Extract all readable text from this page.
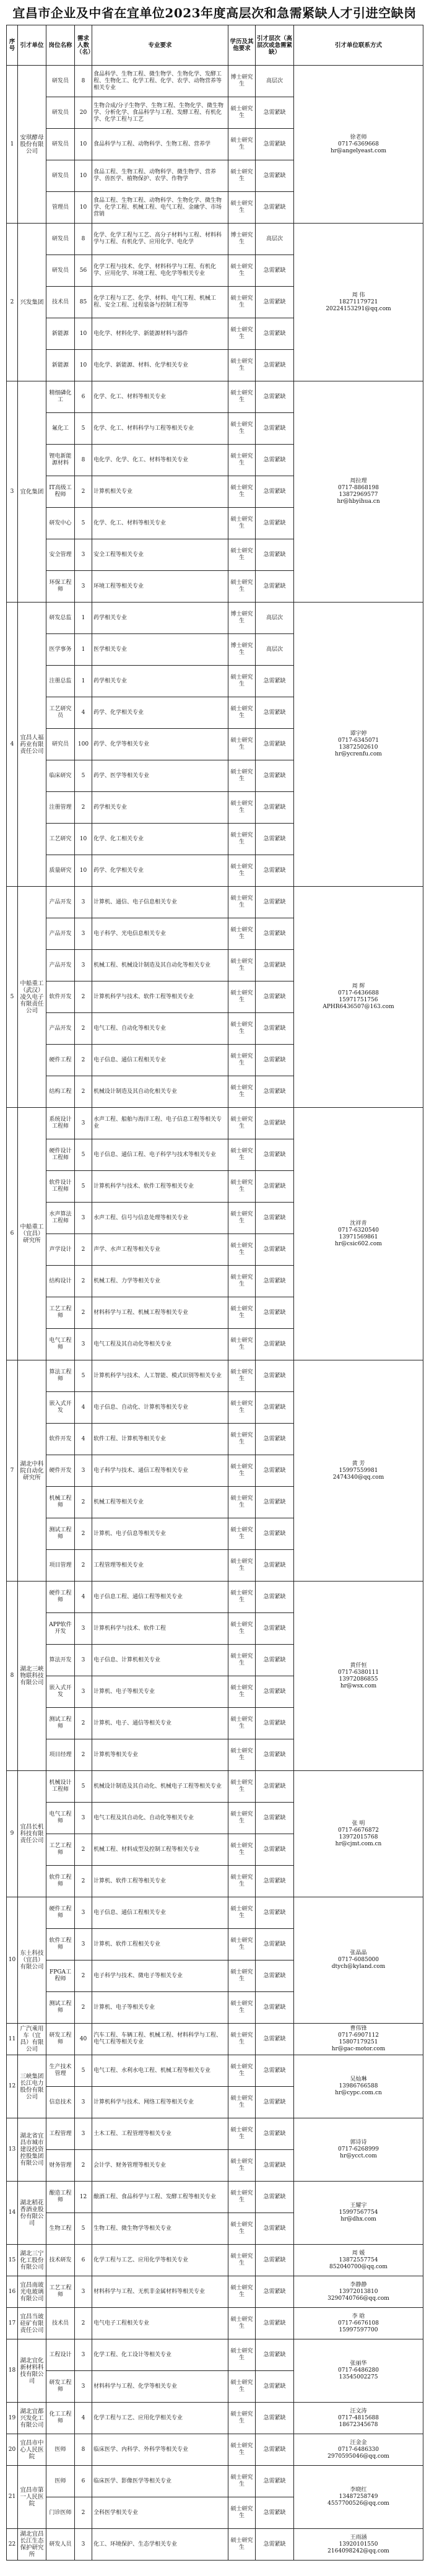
宜昌市企业及中省在宜单位2023年度高层次和急需紧缺人才引进空缺岗
序号	引才单位	岗位名称	需求人数（名）	专业要求	学历及其他要求	引才层次（高层次或急需紧缺）	引才单位联系方式
1	安琪酵母股份有限公司	研发员	8	食品科学、生物工程、微生物学、生物化学、发酵工程、生物化工、化学工程、化学、农学、动物营养等相关专业	博士研究生	高层次	徐老师
0717-6369668
hr@angelyeast.com
		研发员	20	生物合成/分子生物学、生物工程、生物化学、微生物学、分析化学、食品科学与工程、发酵工程、有机化学、化学工程与工艺	硕士研究生	急需紧缺	
		研发员	10	食品科学与工程、动物科学、生物工程、营养学	硕士研究生	急需紧缺	
		研发员	10	食品工程、生物工程、动物科学、微生物学、营养学、兽医学、植物保护、农学、作物学	硕士研究生	急需紧缺	
		管理员	10	食品工程、生物工程、动物科学、生物化学、微生物学、化学工程、机械工程、电气工程、金融学、市场营销	硕士研究生	急需紧缺	
2	兴发集团	研发员	8	化学、化学工程与工艺、高分子材料与工程、材料科学与工程、有机化学、应用化学、电化学	博士研究生	高层次	周 伟
18271179721
20224153291@qq.com
		研发员	56	化学工程与技术、化学、材料科学与工程、有机化学、应用化学、环境工程、电化学等相关专业	硕士研究生	急需紧缺	
		技术员	85	化学工程与工艺、化学、材料、电气工程、机械工程、安全工程、过程装备与控制工程等	硕士研究生	急需紧缺	
		新能源	10	电化学、材料化学、新能源材料与器件	硕士研究生	急需紧缺	
		新能源	10	电化学、新能源、材料、化学相关专业	硕士研究生	急需紧缺	
3	宜化集团	精细磷化工	6	化学、化工、材料等相关专业	硕士研究生	急需紧缺	周拉理
0717-8868198
13872969577
hr@hbyihua.cn
		氟化工	5	化学、化工、材料科学与工程等相关专业	硕士研究生	急需紧缺	
		锂电新能源材料	8	电化学、化学、化工、材料等相关专业	硕士研究生	急需紧缺	
		IT高级工程师	2	计算机相关专业	硕士研究生	急需紧缺	
		研发中心	5	化学、化工、材料等相关专业	硕士研究生	急需紧缺	
		安全管理	3	安全工程等相关专业	硕士研究生	急需紧缺	
		环保工程师	3	环境工程等相关专业	硕士研究生	急需紧缺	
4	宜昌人福药业有限责任公司	研发总监	1	药学相关专业	博士研究生	高层次	谭宇婷
0717-6345071
13872502610
hr@ycrenfu.com
		医学事务	1	医学相关专业	博士研究生	高层次	
		注册总监	1	药学相关专业	硕士研究生	急需紧缺	
		工艺研究员	4	药学、化学相关专业	硕士研究生	急需紧缺	
		研究员	100	药学、化学等相关专业	硕士研究生	急需紧缺	
		临床研究	5	药学、医学等相关专业	硕士研究生	急需紧缺	
		注册管理	2	药学相关专业	硕士研究生	急需紧缺	
		工艺研究	10	化学、化工相关专业	硕士研究生	急需紧缺	
		质量研究	10	药学、化学相关专业	硕士研究生	急需紧缺	
5	中船重工（武汉）凌久电子有限责任公司	产品开发	3	计算机、通信、电子信息相关专业	硕士研究生	急需紧缺	周 辉
0717-6436688
15971751756
APHR6436507@163.com
		产品开发	3	电子科学、光电信息相关专业	硕士研究生	急需紧缺	
		产品开发	3	机械工程、机械设计制造及其自动化等相关专业	硕士研究生	急需紧缺	
		软件开发	2	计算机科学与技术、软件工程等相关专业	硕士研究生	急需紧缺	
		产品开发	2	电气工程、自动化等相关专业	硕士研究生	急需紧缺	
		硬件工程	2	电子信息、通信工程相关专业	硕士研究生	急需紧缺	
		结构工程	2	机械设计制造及其自动化相关专业	硕士研究生	急需紧缺	
6	中船重工（宜昌）研究所	系统设计工程师	3	水声工程、船舶与海洋工程、电子信息工程等相关专业	硕士研究生	急需紧缺	沈祥青
0717-6320540
13971569861
hr@csic602.com
		硬件设计工程师	5	电子信息、通信工程、电子科学与技术等相关专业	硕士研究生	急需紧缺	
		软件设计工程师	5	计算机科学与技术、软件工程等相关专业	硕士研究生	急需紧缺	
		水声算法工程师	3	水声工程、信号与信息处理等相关专业	硕士研究生	急需紧缺	
		声学设计	2	声学、水声工程等相关专业	硕士研究生	急需紧缺	
		结构设计	2	机械工程、力学等相关专业	硕士研究生	急需紧缺	
		工艺工程师	2	材料科学与工程、机械工程等相关专业	硕士研究生	急需紧缺	
		电气工程师	3	电气工程及其自动化等相关专业	硕士研究生	急需紧缺	
7	湖北中科院自动化研究所	算法工程师	5	计算机科学与技术、人工智能、模式识别等相关专业	硕士研究生	急需紧缺	黄 芳
15997559981
2474340@qq.com
		嵌入式开发	4	电子信息、自动化、计算机等相关专业	硕士研究生	急需紧缺	
		软件开发	4	软件工程、计算机等相关专业	硕士研究生	急需紧缺	
		硬件开发	3	电子科学与技术、通信工程等相关专业	硕士研究生	急需紧缺	
		机械工程师	2	机械工程等相关专业	硕士研究生	急需紧缺	
		测试工程师	2	计算机、电子信息等相关专业	硕士研究生	急需紧缺	
		项目管理	2	工程管理等相关专业	硕士研究生	急需紧缺	
8	湖北三峡物联科技有限公司	硬件工程师	4	电子信息工程、通信工程等相关专业	硕士研究生	急需紧缺	黄仟恒
0717-6380111
13972086855
hr@wsx.com
		APP软件开发	3	计算机科学与技术、软件工程	硕士研究生	急需紧缺	
		算法开发	3	电子信息、计算机相关专业	硕士研究生	急需紧缺	
		嵌入式开发	3	计算机、电子等相关专业	硕士研究生	急需紧缺	
		测试工程师	2	计算机、电子、通信等相关专业	硕士研究生	急需紧缺	
		项目经理	2	计算机等相关专业	硕士研究生	急需紧缺	
9	宜昌长机科技有限责任公司	机械设计工程师	5	机械设计制造及其自动化、机械电子工程等相关专业	硕士研究生	急需紧缺	张 明
0717-6676872
13972015768
hr@cjmt.com.cn
		电气工程师	3	电气工程及其自动化、自动化等相关专业	硕士研究生	急需紧缺	
		工艺工程师	2	机械工程、材料成型及控制工程等相关专业	硕士研究生	急需紧缺	
		软件工程师	2	计算机、软件工程等相关专业	硕士研究生	急需紧缺	
10	东土科技（宜昌）有限公司	硬件工程师	3	电子信息、通信工程相关专业	硕士研究生	急需紧缺	张晶晶
0717-6085000
dtych@kyland.com
		软件工程师	3	计算机、软件工程相关专业	硕士研究生	急需紧缺	
		FPGA工程师	2	电子科学与技术、微电子等相关专业	硕士研究生	急需紧缺	
		测试工程师	2	计算机、电子等相关专业	硕士研究生	急需紧缺	
11	广汽乘用车（宜昌）有限公司	研发工程师	40	汽车工程、车辆工程、机械工程、材料科学与工程、电气工程等相关专业	硕士研究生	急需紧缺	曹伟锋
0717-6907112
15807179251
hr@gac-motor.com
12	三峡集团长江电力股份有限公司	生产技术管理	5	电气工程、水利水电工程、机械工程等相关专业	硕士研究生	急需紧缺	吴灿琳
13986766588
hr@cypc.com.cn
		信息技术	3	计算机科学与技术、网络工程等相关专业	硕士研究生	急需紧缺	
13	湖北省宜昌市城市建设投资控股集团有限公司	工程管理	3	土木工程、工程管理等相关专业	硕士研究生	急需紧缺	郭诗诗
0717-6268999
hr@ycct.com
		财务管理	2	会计学、财务管理等相关专业	硕士研究生	急需紧缺	
14	湖北稻花香酒业股份有限公司	酿造工程师	12	酿酒工程、食品科学与工程、发酵工程等相关专业	硕士研究生	急需紧缺	王耀宇
15997567754
hr@dhx.com
		生物工程	5	生物工程、微生物学等相关专业	硕士研究生	急需紧缺	
15	湖北三宁化工股份有限公司	技术研发	6	化学工程与工艺、应用化学等相关专业	硕士研究生	急需紧缺	周 媛
13872557754
852040700@qq.com
16	宜昌南玻光电玻璃有限公司	工艺工程师	3	材料科学与工程、无机非金属材料等相关专业	硕士研究生	急需紧缺	李静静
13972013810
3290740766@qq.com
17	宜昌当玻硅矿有限责任公司	技术员	2	电气电子工程相关专业	硕士研究生	急需紧缺	李 晗
0717-6676108
15997597700
18	湖北宜化新材料科技有限公司	工程设计	3	化学工程、化工设计等相关专业	硕士研究生	急需紧缺	张丽华
0717-6486280
13545002275
		研发工程师	3	材料科学与工程、化学等相关专业	硕士研究生	急需紧缺	
19	湖北宜都兴发化工有限公司	化工工程师	4	化学工程与工艺、应用化学相关专业	硕士研究生	急需紧缺	汪文涛
0717-4815688
18672345678
20	宜昌市中心人民医院	医师	8	临床医学、内科学、外科学等相关专业	硕士研究生	急需紧缺	汪金金
0717-6486330
2970595046@qq.com
21	宜昌市第一人民医院	医师	6	临床医学、影像医学等相关专业	硕士研究生	急需紧缺	李晓红
13487258749
4557700526@qq.com
		门诊医师	2	全科医学相关专业	硕士研究生	急需紧缺	
22	湖北宜昌长江生态保护研究所	研发人员	3	化工、环境保护、生态学相关专业	硕士研究生	急需紧缺	王雨涵
13920101550
2164098242@qq.com
